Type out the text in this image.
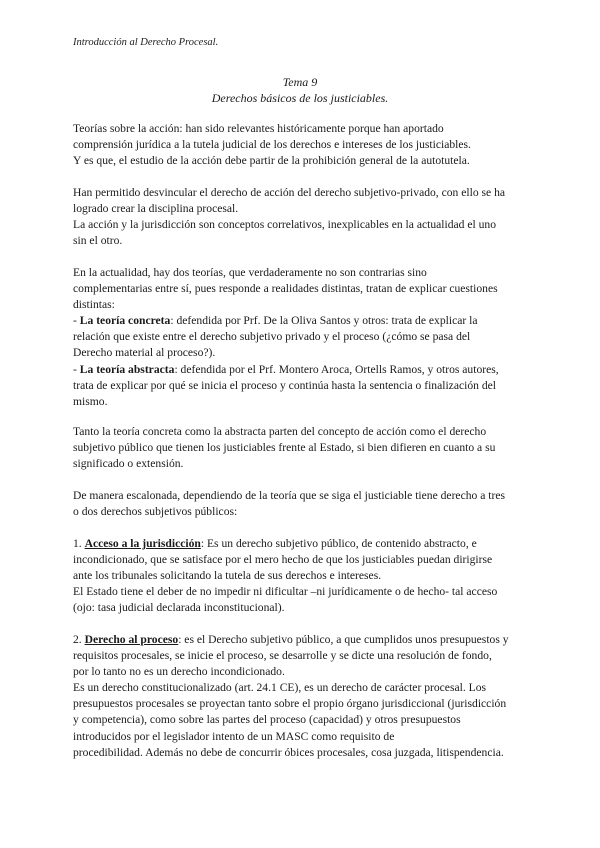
Introducción al Derecho Procesal.
Tema 9
Derechos básicos de los justiciables.

Teorías sobre la acción: han sido relevantes históricamente porque han aportado

comprensión jurídica a la tutela judicial de los derechos e intereses de los justiciables.

Y es que, el estudio de la acción debe partir de la prohibición general de la autotutela.

Han permitido desvincular el derecho de acción del derecho subjetivo-privado, con ello se ha

logrado crear la disciplina procesal.

La acción y la jurisdicción son conceptos correlativos, inexplicables en la actualidad el uno

sin el otro.

En la actualidad, hay dos teorías, que verdaderamente no son contrarias sino

complementarias entre sí, pues responde a realidades distintas, tratan de explicar cuestiones

distintas:

- La teoría concreta: defendida por Prf. De la Oliva Santos y otros: trata de explicar la

relación que existe entre el derecho subjetivo privado y el proceso (¿cómo se pasa del

Derecho material al proceso?).

- La teoría abstracta: defendida por el Prf. Montero Aroca, Ortells Ramos, y otros autores,

trata de explicar por qué se inicia el proceso y continúa hasta la sentencia o finalización del

mismo.

Tanto la teoría concreta como la abstracta parten del concepto de acción como el derecho

subjetivo público que tienen los justiciables frente al Estado, si bien difieren en cuanto a su

significado o extensión.

De manera escalonada, dependiendo de la teoría que se siga el justiciable tiene derecho a tres

o dos derechos subjetivos públicos:

1. Acceso a la jurisdicción: Es un derecho subjetivo público, de contenido abstracto, e

incondicionado, que se satisface por el mero hecho de que los justiciables puedan dirigirse

ante los tribunales solicitando la tutela de sus derechos e intereses.

El Estado tiene el deber de no impedir ni dificultar –ni jurídicamente o de hecho- tal acceso

(ojo: tasa judicial declarada inconstitucional).

2. Derecho al proceso: es el Derecho subjetivo público, a que cumplidos unos presupuestos y

requisitos procesales, se inicie el proceso, se desarrolle y se dicte una resolución de fondo,

por lo tanto no es un derecho incondicionado.

Es un derecho constitucionalizado (art. 24.1 CE), es un derecho de carácter procesal. Los

presupuestos procesales se proyectan tanto sobre el propio órgano jurisdiccional (jurisdicción

y competencia), como sobre las partes del proceso (capacidad) y otros presupuestos

introducidos por el legislador intento de un MASC como requisito de

procedibilidad. Además no debe de concurrir óbices procesales, cosa juzgada, litispendencia.
